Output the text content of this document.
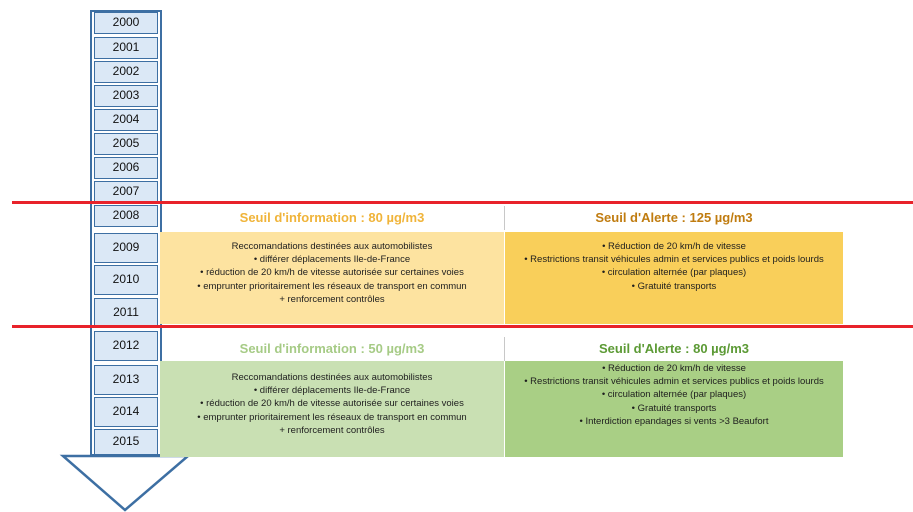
2000
2001
2002
2003
2004
2005
2006
2007
2008
2009
2010
2011
2012
2013
2014
2015
Seuil d'information : 80 µg/m3	Seuil d'Alerte : 125 µg/m3
Reccomandations destinées aux automobilistes
• différer déplacements Ile-de-France
• réduction de 20 km/h de vitesse autorisée sur certaines voies
• emprunter prioritairement les réseaux de transport en commun
+ renforcement contrôles
• Réduction de 20 km/h de vitesse
• Restrictions transit véhicules admin et services publics et poids lourds
• circulation alternée (par plaques)
• Gratuité transports
Seuil d'information : 50 µg/m3	Seuil d'Alerte : 80 µg/m3
Reccomandations destinées aux automobilistes
• différer déplacements Ile-de-France
• réduction de 20 km/h de vitesse autorisée sur certaines voies
• emprunter prioritairement les réseaux de transport en commun
+ renforcement contrôles
• Réduction de 20 km/h de vitesse
• Restrictions transit véhicules admin et services publics et poids lourds
• circulation alternée (par plaques)
• Gratuité transports
• Interdiction epandages si vents >3 Beaufort
